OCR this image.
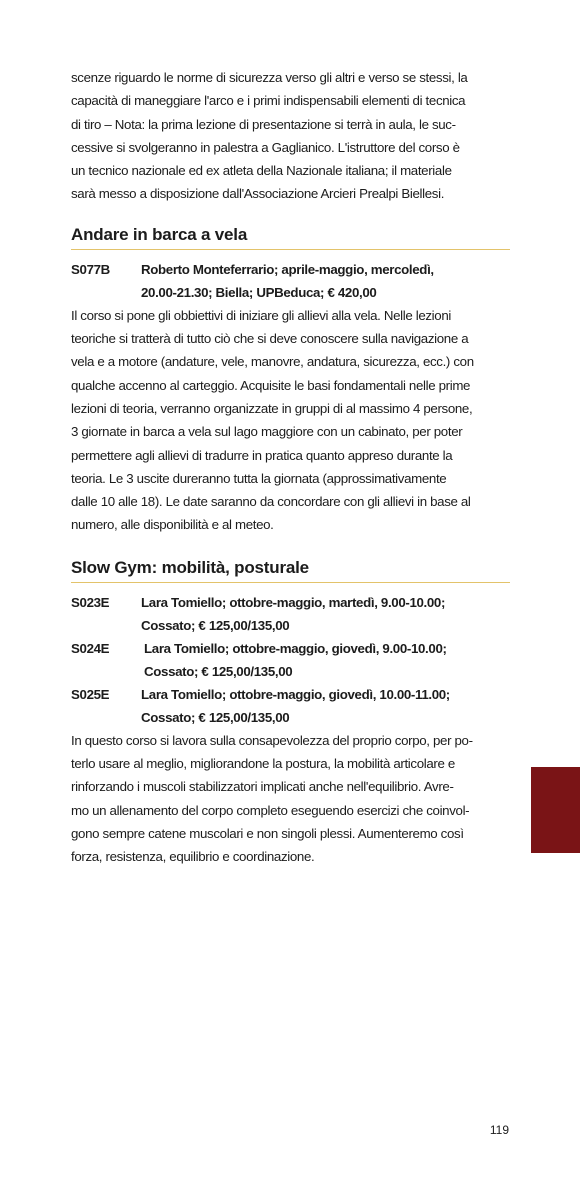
scenze riguardo le norme di sicurezza verso gli altri e verso se stessi, la
capacità di maneggiare l'arco e i primi indispensabili elementi di tecnica
di tiro – Nota: la prima lezione di presentazione si terrà in aula, le suc-
cessive si svolgeranno in palestra a Gaglianico. L'istruttore del corso è
un tecnico nazionale ed ex atleta della Nazionale italiana; il materiale
sarà messo a disposizione dall'Associazione Arcieri Prealpi Biellesi.
Andare in barca a vela
S077B	Roberto Monteferrario; aprile-maggio, mercoledì,
20.00-21.30; Biella; UPBeduca; € 420,00
Il corso si pone gli obbiettivi di iniziare gli allievi alla vela. Nelle lezioni
teoriche si tratterà di tutto ciò che si deve conoscere sulla navigazione a
vela e a motore (andature, vele, manovre, andatura, sicurezza, ecc.) con
qualche accenno al carteggio. Acquisite le basi fondamentali nelle prime
lezioni di teoria, verranno organizzate in gruppi di al massimo 4 persone,
3 giornate in barca a vela sul lago maggiore con un cabinato, per poter
permettere agli allievi di tradurre in pratica quanto appreso durante la
teoria. Le 3 uscite dureranno tutta la giornata (approssimativamente
dalle 10 alle 18). Le date saranno da concordare con gli allievi in base al
numero, alle disponibilità e al meteo.
Slow Gym: mobilità, posturale
S023E	Lara Tomiello; ottobre-maggio, martedì, 9.00-10.00;
Cossato; € 125,00/135,00
S024E	Lara Tomiello; ottobre-maggio, giovedì, 9.00-10.00;
Cossato; € 125,00/135,00
S025E	Lara Tomiello; ottobre-maggio, giovedì, 10.00-11.00;
Cossato; € 125,00/135,00
In questo corso si lavora sulla consapevolezza del proprio corpo, per po-
terlo usare al meglio, migliorandone la postura, la mobilità articolare e
rinforzando i muscoli stabilizzatori implicati anche nell'equilibrio. Avre-
mo un allenamento del corpo completo eseguendo esercizi che coinvol-
gono sempre catene muscolari e non singoli plessi. Aumenteremo così
forza, resistenza, equilibrio e coordinazione.
119
